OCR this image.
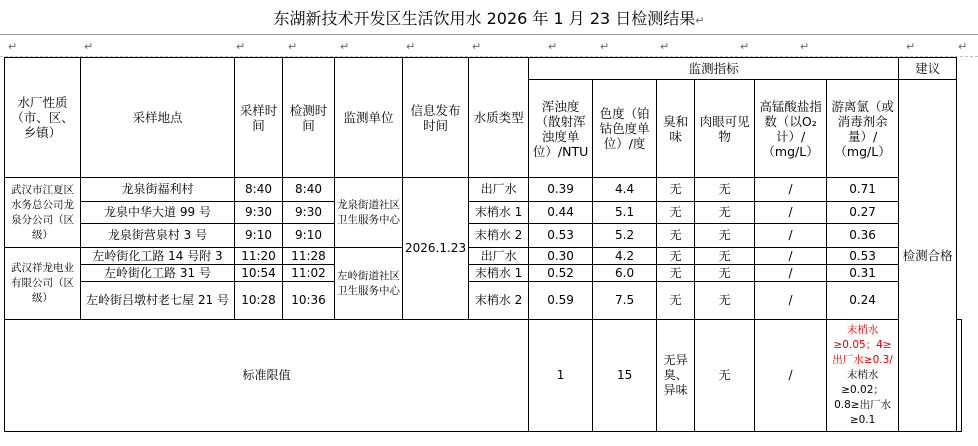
东湖新技术开发区生活饮用水 2026 年 1 月 23 日检测结果↵
↵	↵	↵	↵	↵	↵	↵	↵	↵	↵	↵	↵	↵	↵
水厂性质（市、区、乡镇）	采样地点	采样时间	检测时间	监测单位	信息发布时间	水质类型	监测指标						建议	
							浑浊度（散射浑浊度单位）/NTU	色度（铂钴色度单位）/度	臭和味	肉眼可见物	高锰酸盐指数（以O₂计）/（mg/L）	游离氯（或消毒剂余量）/（mg/L）	检测合格	
武汉市江夏区水务总公司龙泉分公司（区级）	龙泉街福利村	8:40	8:40	龙泉街道社区卫生服务中心	2026.1.23	出厂水	0.39	4.4	无	无	/	0.71		
	龙泉中华大道 99 号	9:30	9:30			末梢水 1	0.44	5.1	无	无	/	0.27		
	龙泉街营泉村 3 号	9:10	9:10			末梢水 2	0.53	5.2	无	无	/	0.36		
武汉祥龙电业有限公司（区级）	左岭街化工路 14 号附 3	11:20	11:28	左岭街道社区卫生服务中心		出厂水	0.30	4.2	无	无	/	0.53		
	左岭街化工路 31 号	10:54	11:02			末梢水 1	0.52	6.0	无	无	/	0.31		
	左岭街吕墩村老七屋 21 号	10:28	10:36			末梢水 2	0.59	7.5	无	无	/	0.24		
标准限值							1	15	无异臭、异味	无	/	末梢水≥0.05；4≥出厂水≥0.3/
末梢水≥0.02；0.8≥出厂水≥0.1		
